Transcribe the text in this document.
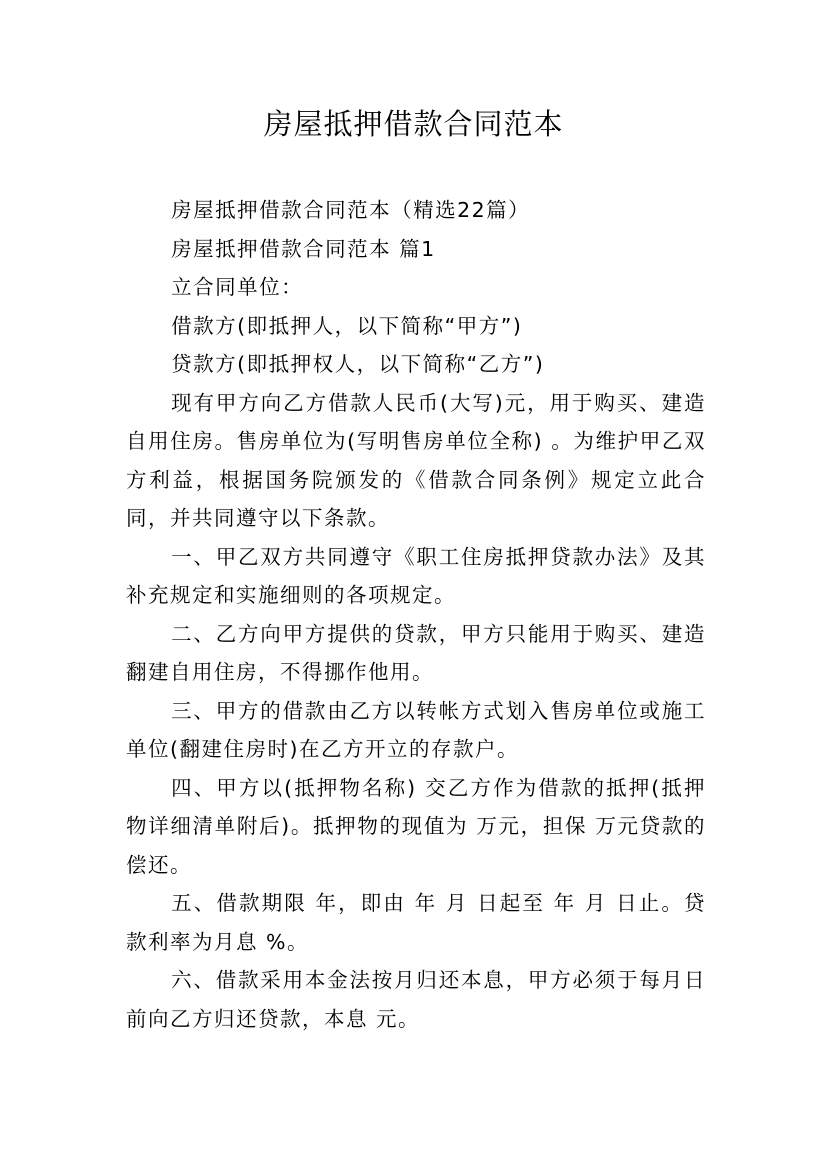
房屋抵押借款合同范本

房屋抵押借款合同范本（精选22篇）

房屋抵押借款合同范本 篇1

立合同单位：

借款方(即抵押人，以下简称“甲方”)

贷款方(即抵押权人，以下简称“乙方”)

现有甲方向乙方借款人民币(大写)元，用于购买、建造自用住房。售房单位为(写明售房单位全称) 。为维护甲乙双方利益，根据国务院颁发的《借款合同条例》规定立此合同，并共同遵守以下条款。

一、甲乙双方共同遵守《职工住房抵押贷款办法》及其补充规定和实施细则的各项规定。

二、乙方向甲方提供的贷款，甲方只能用于购买、建造翻建自用住房，不得挪作他用。

三、甲方的借款由乙方以转帐方式划入售房单位或施工单位(翻建住房时)在乙方开立的存款户。

四、甲方以(抵押物名称) 交乙方作为借款的抵押(抵押物详细清单附后)。抵押物的现值为 万元，担保 万元贷款的偿还。

五、借款期限 年，即由 年 月 日起至 年 月 日止。贷款利率为月息 %。

六、借款采用本金法按月归还本息，甲方必须于每月日前向乙方归还贷款，本息 元。
